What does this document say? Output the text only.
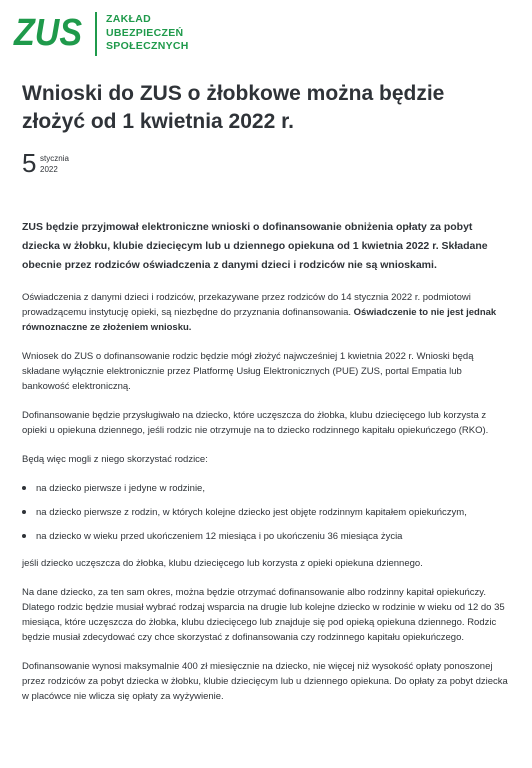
ZUS ZAKŁAD
UBEZPIECZEŃ
SPOŁECZNYCH
Wnioski do ZUS o żłobkowe można będzie złożyć od 1 kwietnia 2022 r.
5 stycznia
2022
ZUS będzie przyjmował elektroniczne wnioski o dofinansowanie obniżenia opłaty za pobyt dziecka w żłobku, klubie dziecięcym lub u dziennego opiekuna od 1 kwietnia 2022 r. Składane obecnie przez rodziców oświadczenia z danymi dzieci i rodziców nie są wnioskami.

Oświadczenia z danymi dzieci i rodziców, przekazywane przez rodziców do 14 stycznia 2022 r. podmiotowi prowadzącemu instytucję opieki, są niezbędne do przyznania dofinansowania. Oświadczenie to nie jest jednak równoznaczne ze złożeniem wniosku.

Wniosek do ZUS o dofinansowanie rodzic będzie mógł złożyć najwcześniej 1 kwietnia 2022 r. Wnioski będą składane wyłącznie elektronicznie przez Platformę Usług Elektronicznych (PUE) ZUS, portal Empatia lub bankowość elektroniczną.

Dofinansowanie będzie przysługiwało na dziecko, które uczęszcza do żłobka, klubu dziecięcego lub korzysta z opieki u opiekuna dziennego, jeśli rodzic nie otrzymuje na to dziecko rodzinnego kapitału opiekuńczego (RKO).

Będą więc mogli z niego skorzystać rodzice:

na dziecko pierwsze i jedyne w rodzinie,
na dziecko pierwsze z rodzin, w których kolejne dziecko jest objęte rodzinnym kapitałem opiekuńczym,
na dziecko w wieku przed ukończeniem 12 miesiąca i po ukończeniu 36 miesiąca życia

jeśli dziecko uczęszcza do żłobka, klubu dziecięcego lub korzysta z opieki opiekuna dziennego.

Na dane dziecko, za ten sam okres, można będzie otrzymać dofinansowanie albo rodzinny kapitał opiekuńczy. Dlatego rodzic będzie musiał wybrać rodzaj wsparcia na drugie lub kolejne dziecko w rodzinie w wieku od 12 do 35 miesiąca, które uczęszcza do żłobka, klubu dziecięcego lub znajduje się pod opieką opiekuna dziennego. Rodzic będzie musiał zdecydować czy chce skorzystać z dofinansowania czy rodzinnego kapitału opiekuńczego.

Dofinansowanie wynosi maksymalnie 400 zł miesięcznie na dziecko, nie więcej niż wysokość opłaty ponoszonej przez rodziców za pobyt dziecka w żłobku, klubie dziecięcym lub u dziennego opiekuna. Do opłaty za pobyt dziecka w placówce nie wlicza się opłaty za wyżywienie.
